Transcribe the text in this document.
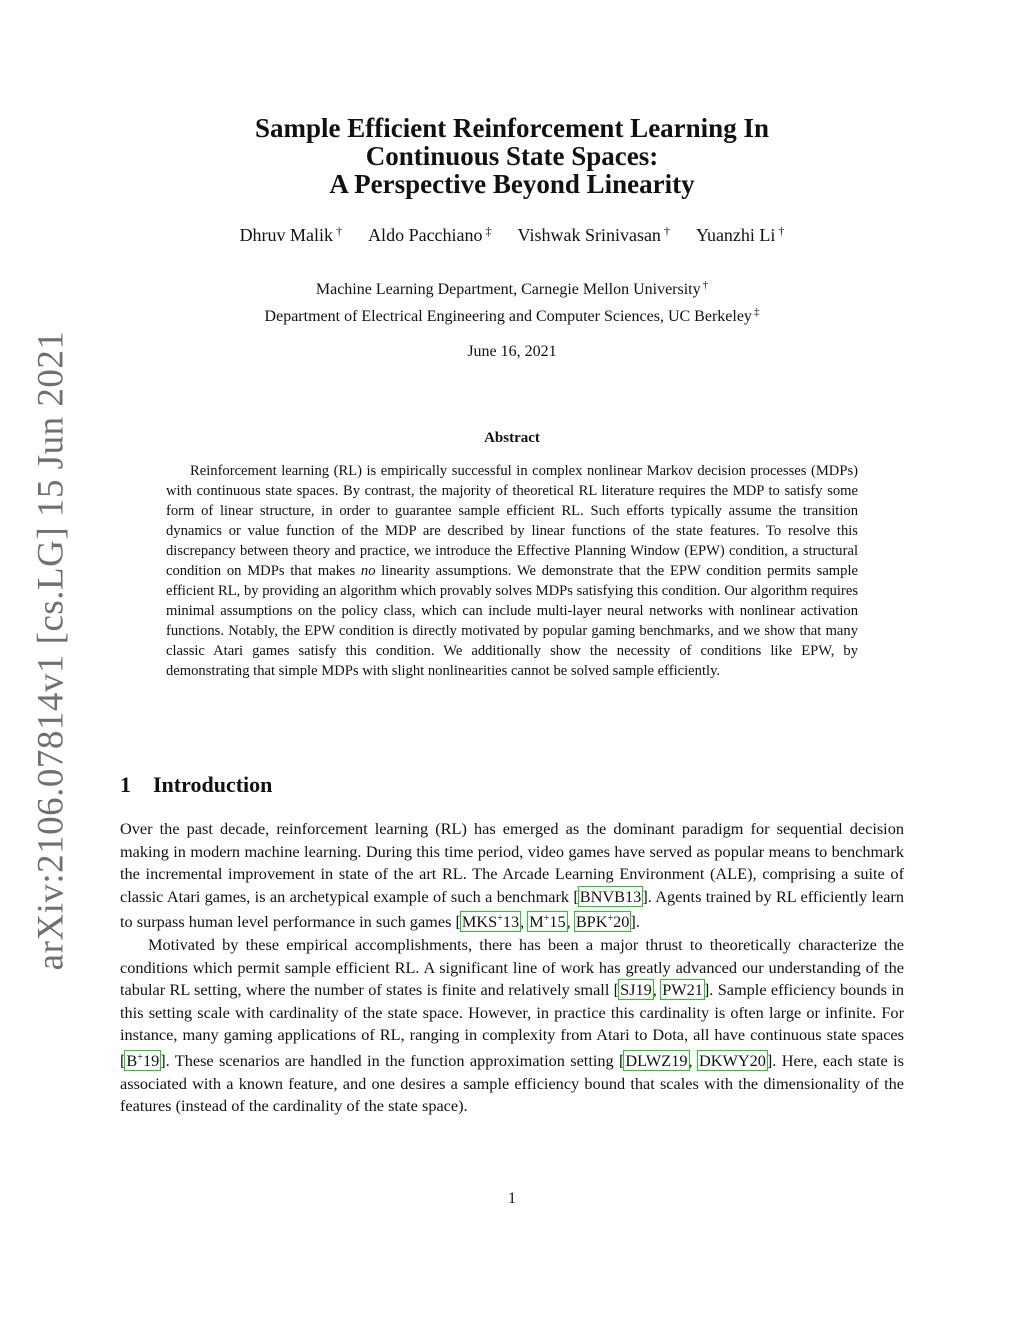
arXiv:2106.07814v1 [cs.LG] 15 Jun 2021
Sample Efficient Reinforcement Learning In
Continuous State Spaces:
A Perspective Beyond Linearity
Dhruv Malik † Aldo Pacchiano ‡ Vishwak Srinivasan † Yuanzhi Li †
Machine Learning Department, Carnegie Mellon University †
Department of Electrical Engineering and Computer Sciences, UC Berkeley ‡
June 16, 2021
Abstract
Reinforcement learning (RL) is empirically successful in complex nonlinear Markov decision processes (MDPs) with continuous state spaces. By contrast, the majority of theoretical RL literature requires the MDP to satisfy some form of linear structure, in order to guarantee sample efficient RL. Such efforts typically assume the transition dynamics or value function of the MDP are described by linear functions of the state features. To resolve this discrepancy between theory and practice, we introduce the Effective Planning Window (EPW) condition, a structural condition on MDPs that makes no linearity assumptions. We demonstrate that the EPW condition permits sample efficient RL, by providing an algorithm which provably solves MDPs satisfying this condition. Our algorithm requires minimal assumptions on the policy class, which can include multi-layer neural networks with nonlinear activation functions. Notably, the EPW condition is directly motivated by popular gaming benchmarks, and we show that many classic Atari games satisfy this condition. We additionally show the necessity of conditions like EPW, by demonstrating that simple MDPs with slight nonlinearities cannot be solved sample efficiently.
1 Introduction

Over the past decade, reinforcement learning (RL) has emerged as the dominant paradigm for sequential decision making in modern machine learning. During this time period, video games have served as popular means to benchmark the incremental improvement in state of the art RL. The Arcade Learning Environment (ALE), comprising a suite of classic Atari games, is an archetypical example of such a benchmark [BNVB13]. Agents trained by RL efficiently learn to surpass human level performance in such games [MKS+13, M+15, BPK+20].

Motivated by these empirical accomplishments, there has been a major thrust to theoretically characterize the conditions which permit sample efficient RL. A significant line of work has greatly advanced our understanding of the tabular RL setting, where the number of states is finite and relatively small [SJ19, PW21]. Sample efficiency bounds in this setting scale with cardinality of the state space. However, in practice this cardinality is often large or infinite. For instance, many gaming applications of RL, ranging in complexity from Atari to Dota, all have continuous state spaces [B+19]. These scenarios are handled in the function approximation setting [DLWZ19, DKWY20]. Here, each state is associated with a known feature, and one desires a sample efficiency bound that scales with the dimensionality of the features (instead of the cardinality of the state space).

1
